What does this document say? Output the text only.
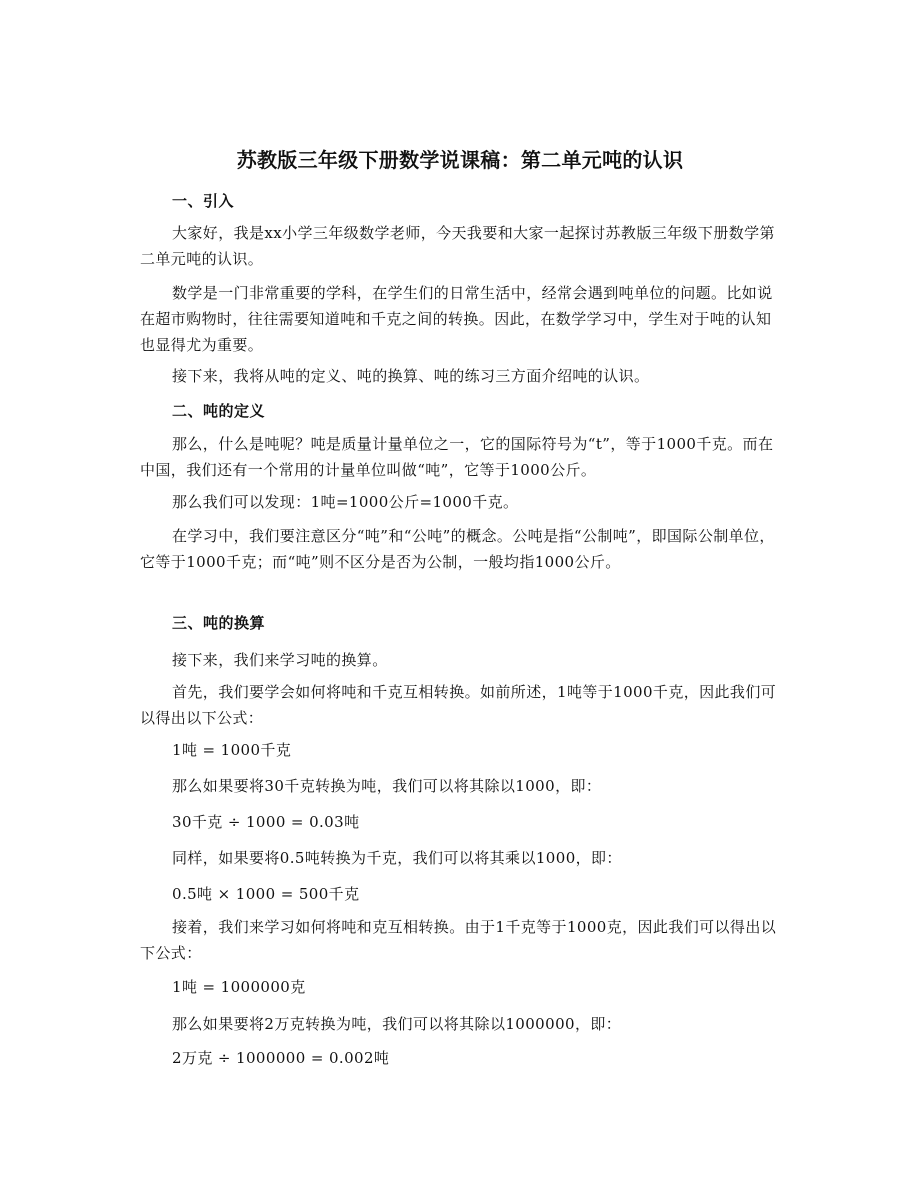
苏教版三年级下册数学说课稿：第二单元吨的认识
一、引入
大家好，我是xx小学三年级数学老师，今天我要和大家一起探讨苏教版三年级下册数学第二单元吨的认识。
数学是一门非常重要的学科，在学生们的日常生活中，经常会遇到吨单位的问题。比如说在超市购物时，往往需要知道吨和千克之间的转换。因此，在数学学习中，学生对于吨的认知也显得尤为重要。
接下来，我将从吨的定义、吨的换算、吨的练习三方面介绍吨的认识。
二、吨的定义
那么，什么是吨呢？吨是质量计量单位之一，它的国际符号为“t”，等于1000千克。而在中国，我们还有一个常用的计量单位叫做“吨”，它等于1000公斤。
那么我们可以发现：1吨=1000公斤=1000千克。
在学习中，我们要注意区分“吨”和“公吨”的概念。公吨是指“公制吨”，即国际公制单位，它等于1000千克；而“吨”则不区分是否为公制，一般均指1000公斤。
三、吨的换算
接下来，我们来学习吨的换算。
首先，我们要学会如何将吨和千克互相转换。如前所述，1吨等于1000千克，因此我们可以得出以下公式：
1吨 = 1000千克
那么如果要将30千克转换为吨，我们可以将其除以1000，即：
30千克 ÷ 1000 = 0.03吨
同样，如果要将0.5吨转换为千克，我们可以将其乘以1000，即：
0.5吨 × 1000 = 500千克
接着，我们来学习如何将吨和克互相转换。由于1千克等于1000克，因此我们可以得出以下公式：
1吨 = 1000000克
那么如果要将2万克转换为吨，我们可以将其除以1000000，即：
2万克 ÷ 1000000 = 0.002吨
